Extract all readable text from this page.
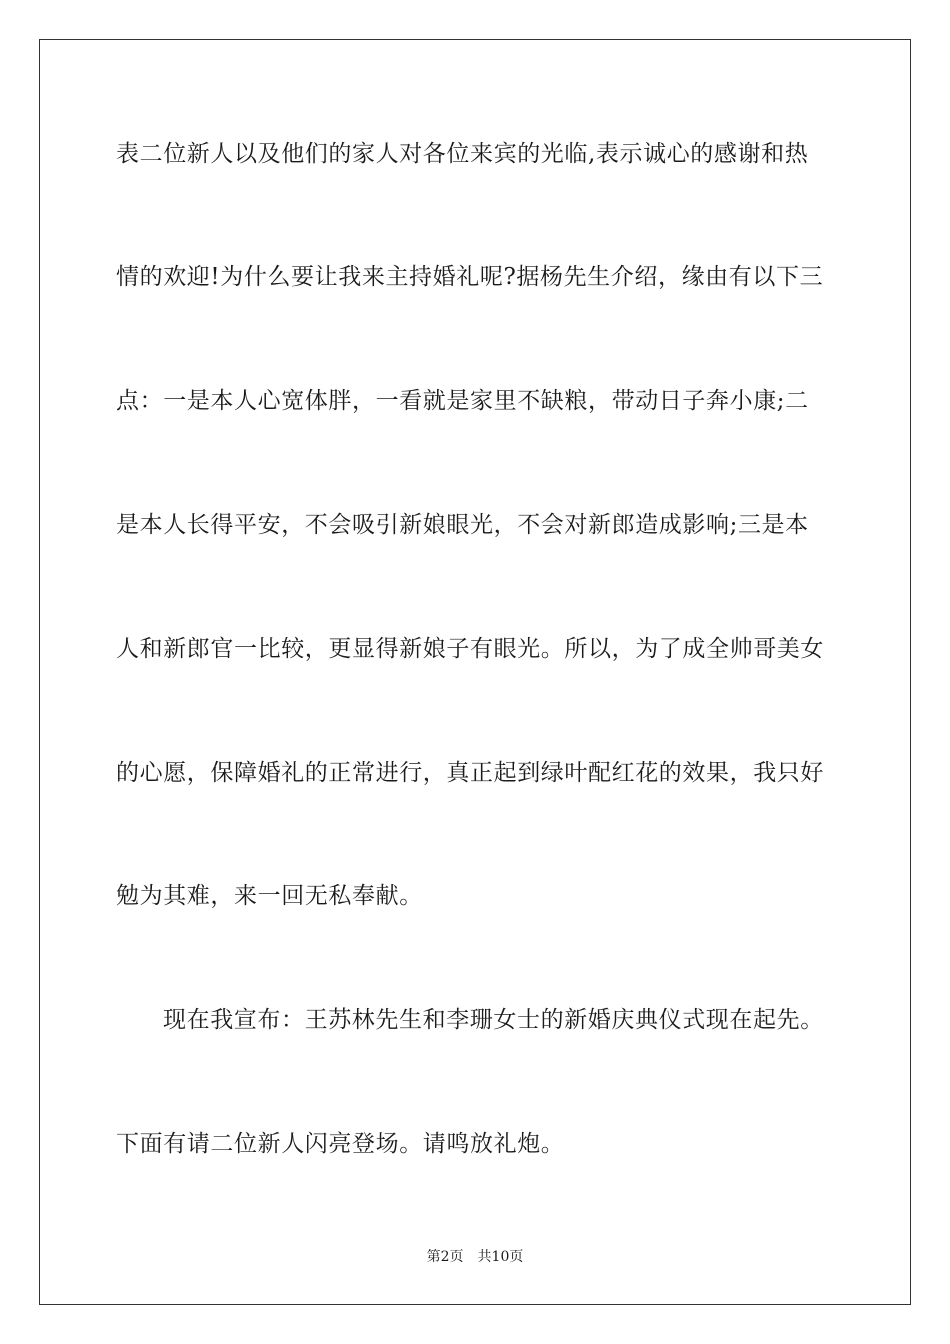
表二位新人以及他们的家人对各位来宾的光临,表示诚心的感谢和热
情的欢迎!为什么要让我来主持婚礼呢?据杨先生介绍，缘由有以下三
点：一是本人心宽体胖，一看就是家里不缺粮，带动日子奔小康;二
是本人长得平安，不会吸引新娘眼光，不会对新郎造成影响;三是本
人和新郎官一比较，更显得新娘子有眼光。所以，为了成全帅哥美女
的心愿，保障婚礼的正常进行，真正起到绿叶配红花的效果，我只好
勉为其难，来一回无私奉献。
现在我宣布：王苏林先生和李珊女士的新婚庆典仪式现在起先。
下面有请二位新人闪亮登场。请鸣放礼炮。
第2页 共10页
